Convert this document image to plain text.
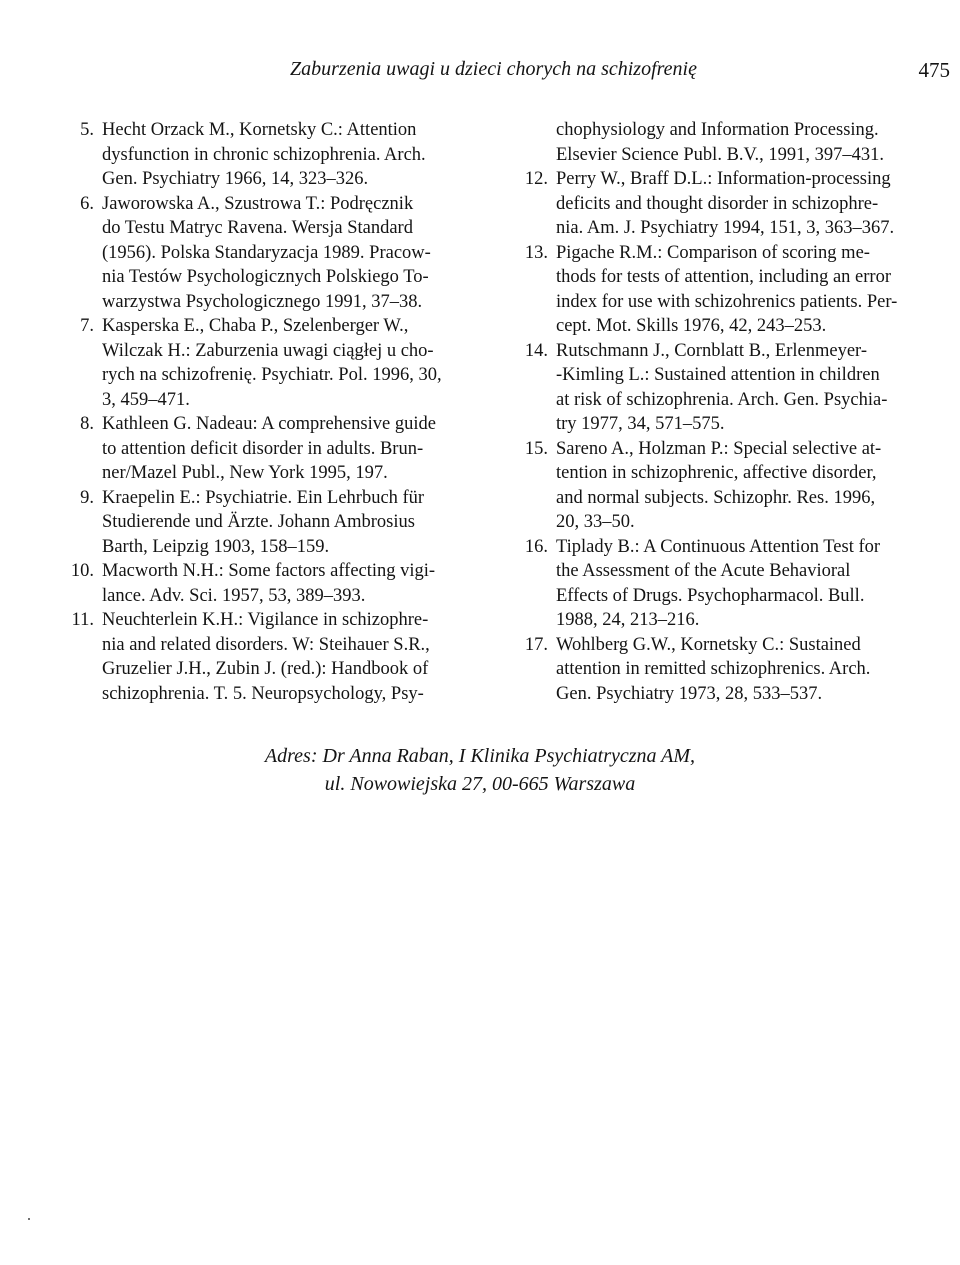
Zaburzenia uwagi u dzieci chorych na schizofrenię	475
5. Hecht Orzack M., Kornetsky C.: Attention
dysfunction in chronic schizophrenia. Arch.
Gen. Psychiatry 1966, 14, 323–326.
6. Jaworowska A., Szustrowa T.: Podręcznik
do Testu Matryc Ravena. Wersja Standard
(1956). Polska Standaryzacja 1989. Pracow-
nia Testów Psychologicznych Polskiego To-
warzystwa Psychologicznego 1991, 37–38.
7. Kasperska E., Chaba P., Szelenberger W.,
Wilczak H.: Zaburzenia uwagi ciągłej u cho-
rych na schizofrenię. Psychiatr. Pol. 1996, 30,
3, 459–471.
8. Kathleen G. Nadeau: A comprehensive guide
to attention deficit disorder in adults. Brun-
ner/Mazel Publ., New York 1995, 197.
9. Kraepelin E.: Psychiatrie. Ein Lehrbuch für
Studierende und Ärzte. Johann Ambrosius
Barth, Leipzig 1903, 158–159.
10. Macworth N.H.: Some factors affecting vigi-
lance. Adv. Sci. 1957, 53, 389–393.
11. Neuchterlein K.H.: Vigilance in schizophre-
nia and related disorders. W: Steihauer S.R.,
Gruzelier J.H., Zubin J. (red.): Handbook of
schizophrenia. T. 5. Neuropsychology, Psy-
chophysiology and Information Processing.
Elsevier Science Publ. B.V., 1991, 397–431.
12. Perry W., Braff D.L.: Information-processing
deficits and thought disorder in schizophre-
nia. Am. J. Psychiatry 1994, 151, 3, 363–367.
13. Pigache R.M.: Comparison of scoring me-
thods for tests of attention, including an error
index for use with schizohrenics patients. Per-
cept. Mot. Skills 1976, 42, 243–253.
14. Rutschmann J., Cornblatt B., Erlenmeyer-
-Kimling L.: Sustained attention in children
at risk of schizophrenia. Arch. Gen. Psychia-
try 1977, 34, 571–575.
15. Sareno A., Holzman P.: Special selective at-
tention in schizophrenic, affective disorder,
and normal subjects. Schizophr. Res. 1996,
20, 33–50.
16. Tiplady B.: A Continuous Attention Test for
the Assessment of the Acute Behavioral
Effects of Drugs. Psychopharmacol. Bull.
1988, 24, 213–216.
17. Wohlberg G.W., Kornetsky C.: Sustained
attention in remitted schizophrenics. Arch.
Gen. Psychiatry 1973, 28, 533–537.
Adres: Dr Anna Raban, I Klinika Psychiatryczna AM,
ul. Nowowiejska 27, 00-665 Warszawa
